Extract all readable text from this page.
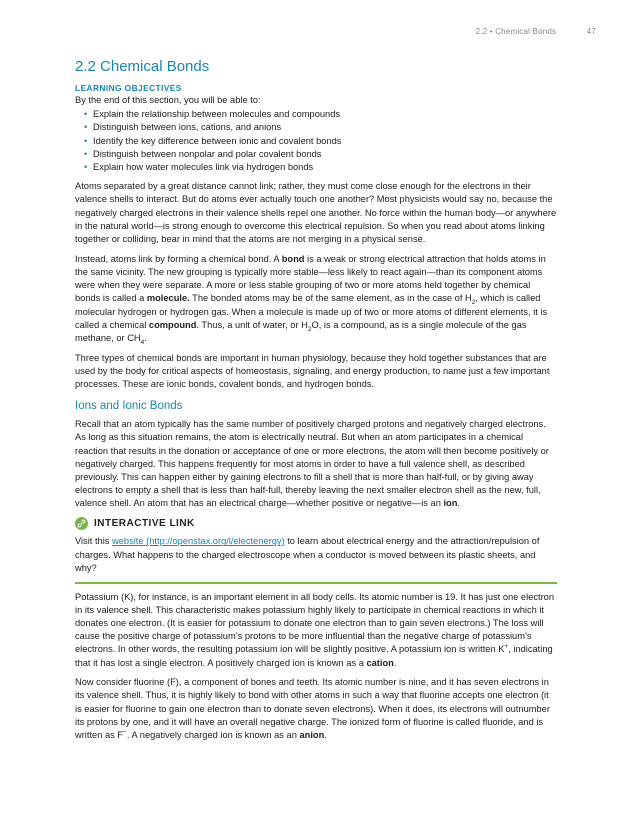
2.2 • Chemical Bonds	47
2.2 Chemical Bonds
LEARNING OBJECTIVES

By the end of this section, you will be able to:

• Explain the relationship between molecules and compounds
• Distinguish between ions, cations, and anions
• Identify the key difference between ionic and covalent bonds
• Distinguish between nonpolar and polar covalent bonds
• Explain how water molecules link via hydrogen bonds

Atoms separated by a great distance cannot link; rather, they must come close enough for the electrons in their valence shells to interact. But do atoms ever actually touch one another? Most physicists would say no, because the negatively charged electrons in their valence shells repel one another. No force within the human body—or anywhere in the natural world—is strong enough to overcome this electrical repulsion. So when you read about atoms linking together or colliding, bear in mind that the atoms are not merging in a physical sense.

Instead, atoms link by forming a chemical bond. A bond is a weak or strong electrical attraction that holds atoms in the same vicinity. The new grouping is typically more stable—less likely to react again—than its component atoms were when they were separate. A more or less stable grouping of two or more atoms held together by chemical bonds is called a molecule. The bonded atoms may be of the same element, as in the case of $H_2$, which is called molecular hydrogen or hydrogen gas. When a molecule is made up of two or more atoms of different elements, it is called a chemical compound. Thus, a unit of water, or $H_2O$, is a compound, as is a single molecule of the gas methane, or $CH_4$.

Three types of chemical bonds are important in human physiology, because they hold together substances that are used by the body for critical aspects of homeostasis, signaling, and energy production, to name just a few important processes. These are ionic bonds, covalent bonds, and hydrogen bonds.

Ions and Ionic Bonds

Recall that an atom typically has the same number of positively charged protons and negatively charged electrons. As long as this situation remains, the atom is electrically neutral. But when an atom participates in a chemical reaction that results in the donation or acceptance of one or more electrons, the atom will then become positively or negatively charged. This happens frequently for most atoms in order to have a full valence shell, as described previously. This can happen either by gaining electrons to fill a shell that is more than half-full, or by giving away electrons to empty a shell that is less than half-full, thereby leaving the next smaller electron shell as the new, full, valence shell. An atom that has an electrical charge—whether positive or negative—is an ion.

INTERACTIVE LINK

Visit this website (http://openstax.org/l/electenergy) to learn about electrical energy and the attraction/repulsion of charges. What happens to the charged electroscope when a conductor is moved between its plastic sheets, and why?

Potassium (K), for instance, is an important element in all body cells. Its atomic number is 19. It has just one electron in its valence shell. This characteristic makes potassium highly likely to participate in chemical reactions in which it donates one electron. (It is easier for potassium to donate one electron than to gain seven electrons.) The loss will cause the positive charge of potassium’s protons to be more influential than the negative charge of potassium’s electrons. In other words, the resulting potassium ion will be slightly positive. A potassium ion is written K+, indicating that it has lost a single electron. A positively charged ion is known as a cation.

Now consider fluorine (F), a component of bones and teeth. Its atomic number is nine, and it has seven electrons in its valence shell. Thus, it is highly likely to bond with other atoms in such a way that fluorine accepts one electron (it is easier for fluorine to gain one electron than to donate seven electrons). When it does, its electrons will outnumber its protons by one, and it will have an overall negative charge. The ionized form of fluorine is called fluoride, and is written as F−. A negatively charged ion is known as an anion.
